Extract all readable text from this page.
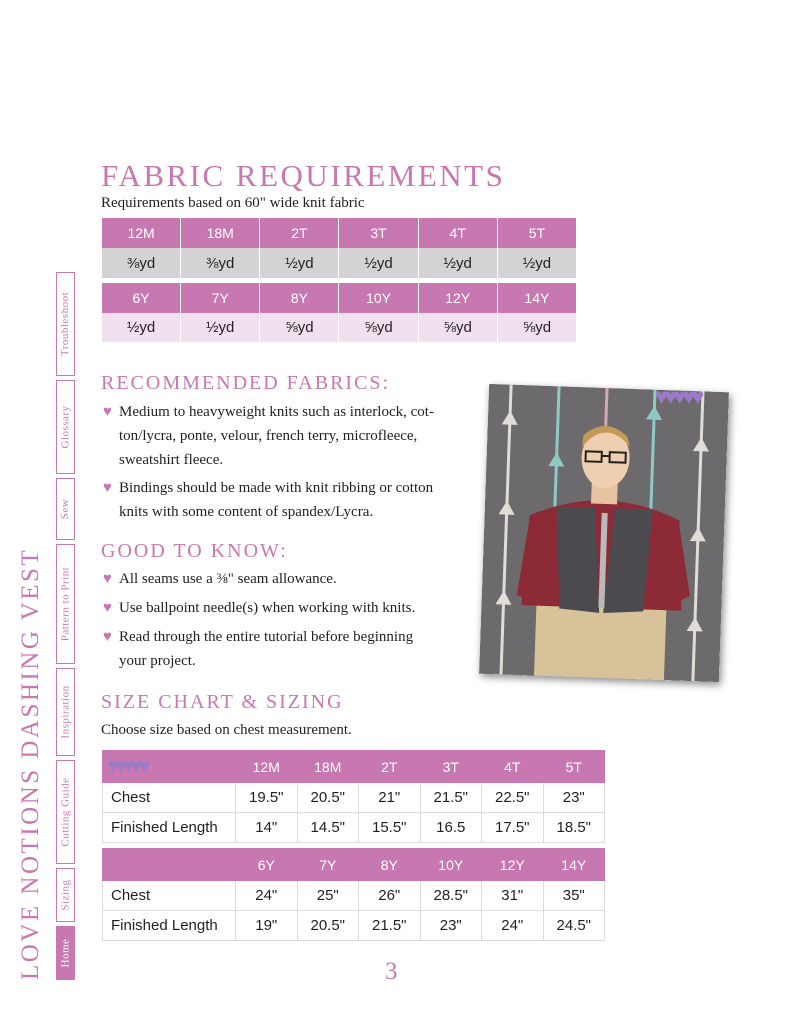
FABRIC REQUIREMENTS
Requirements based on 60" wide knit fabric
12M	18M	2T	3T	4T	5T
⅜yd	⅜yd	½yd	½yd	½yd	½yd
6Y	7Y	8Y	10Y	12Y	14Y
½yd	½yd	⅝yd	⅝yd	⅝yd	⅝yd
RECOMMENDED FABRICS:

♥ Medium to heavyweight knits such as interlock, cot-
ton/lycra, ponte, velour, french terry, microfleece,
sweatshirt fleece.

♥ Bindings should be made with knit ribbing or cotton
knits with some content of spandex/Lycra.

GOOD TO KNOW:

♥ All seams use a ⅜" seam allowance.

♥ Use ballpoint needle(s) when working with knits.

♥ Read through the entire tutorial before beginning
your project.

♥♥♥♥♥
SIZE CHART & SIZING
Choose size based on chest measurement.
♥♥♥♥♥	12M	18M	2T	3T	4T	5T
Chest	19.5"	20.5"	21"	21.5"	22.5"	23"
Finished Length	14"	14.5"	15.5"	16.5	17.5"	18.5"
	6Y	7Y	8Y	10Y	12Y	14Y
Chest	24"	25"	26"	28.5"	31"	35"
Finished Length	19"	20.5"	21.5"	23"	24"	24.5"
LOVE NOTIONS DASHING VEST
Troubleshoot
Glossary
Sew
Pattern to Print
Inspiration
Cutting Guide
Sizing
Home
3
